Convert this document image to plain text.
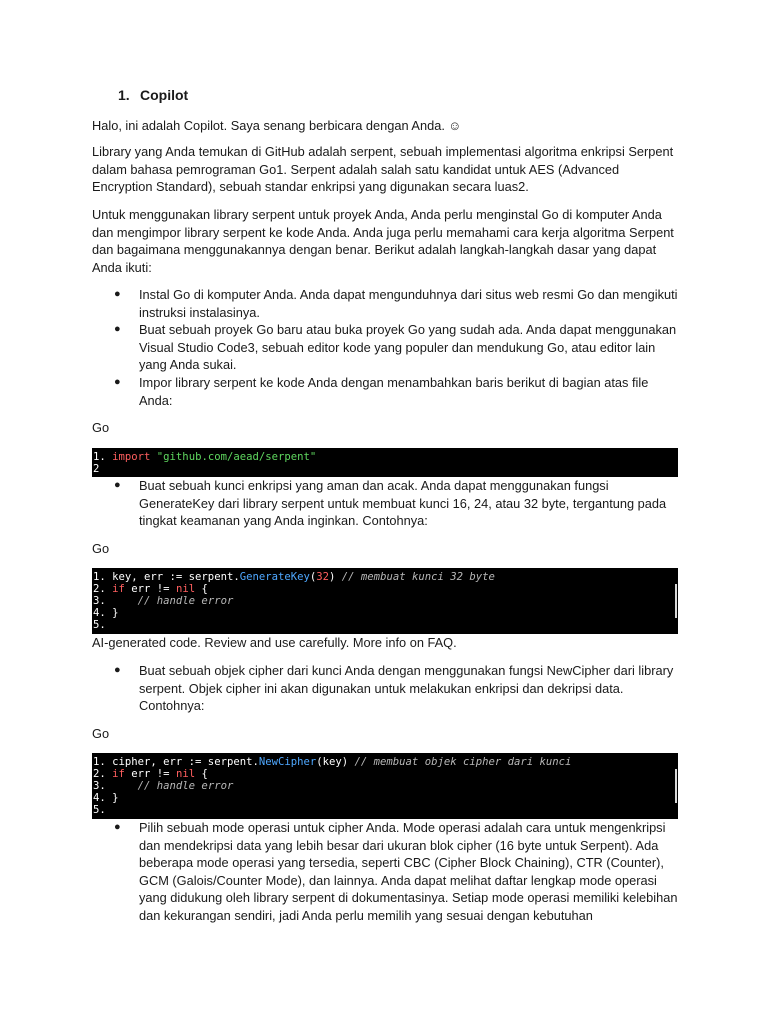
1. Copilot

Halo, ini adalah Copilot. Saya senang berbicara dengan Anda. ☺

Library yang Anda temukan di GitHub adalah serpent, sebuah implementasi algoritma enkripsi Serpent dalam bahasa pemrograman Go1. Serpent adalah salah satu kandidat untuk AES (Advanced Encryption Standard), sebuah standar enkripsi yang digunakan secara luas2.

Untuk menggunakan library serpent untuk proyek Anda, Anda perlu menginstal Go di komputer Anda dan mengimpor library serpent ke kode Anda. Anda juga perlu memahami cara kerja algoritma Serpent dan bagaimana menggunakannya dengan benar. Berikut adalah langkah-langkah dasar yang dapat Anda ikuti:

● Instal Go di komputer Anda. Anda dapat mengunduhnya dari situs web resmi Go dan mengikuti instruksi instalasinya.
● Buat sebuah proyek Go baru atau buka proyek Go yang sudah ada. Anda dapat menggunakan Visual Studio Code3, sebuah editor kode yang populer dan mendukung Go, atau editor lain yang Anda sukai.
● Impor library serpent ke kode Anda dengan menambahkan baris berikut di bagian atas file Anda:

Go

1. import "github.com/aead/serpent"
2
● Buat sebuah kunci enkripsi yang aman dan acak. Anda dapat menggunakan fungsi GenerateKey dari library serpent untuk membuat kunci 16, 24, atau 32 byte, tergantung pada tingkat keamanan yang Anda inginkan. Contohnya:

Go

1. key, err := serpent.GenerateKey(32) // membuat kunci 32 byte
2. if err != nil {
3.     // handle error
4. }
5.

AI-generated code. Review and use carefully. More info on FAQ.

● Buat sebuah objek cipher dari kunci Anda dengan menggunakan fungsi NewCipher dari library serpent. Objek cipher ini akan digunakan untuk melakukan enkripsi dan dekripsi data. Contohnya:

Go

1. cipher, err := serpent.NewCipher(key) // membuat objek cipher dari kunci
2. if err != nil {
3.     // handle error
4. }
5.
● Pilih sebuah mode operasi untuk cipher Anda. Mode operasi adalah cara untuk mengenkripsi dan mendekripsi data yang lebih besar dari ukuran blok cipher (16 byte untuk Serpent). Ada beberapa mode operasi yang tersedia, seperti CBC (Cipher Block Chaining), CTR (Counter), GCM (Galois/Counter Mode), dan lainnya. Anda dapat melihat daftar lengkap mode operasi yang didukung oleh library serpent di dokumentasinya. Setiap mode operasi memiliki kelebihan dan kekurangan sendiri, jadi Anda perlu memilih yang sesuai dengan kebutuhan
